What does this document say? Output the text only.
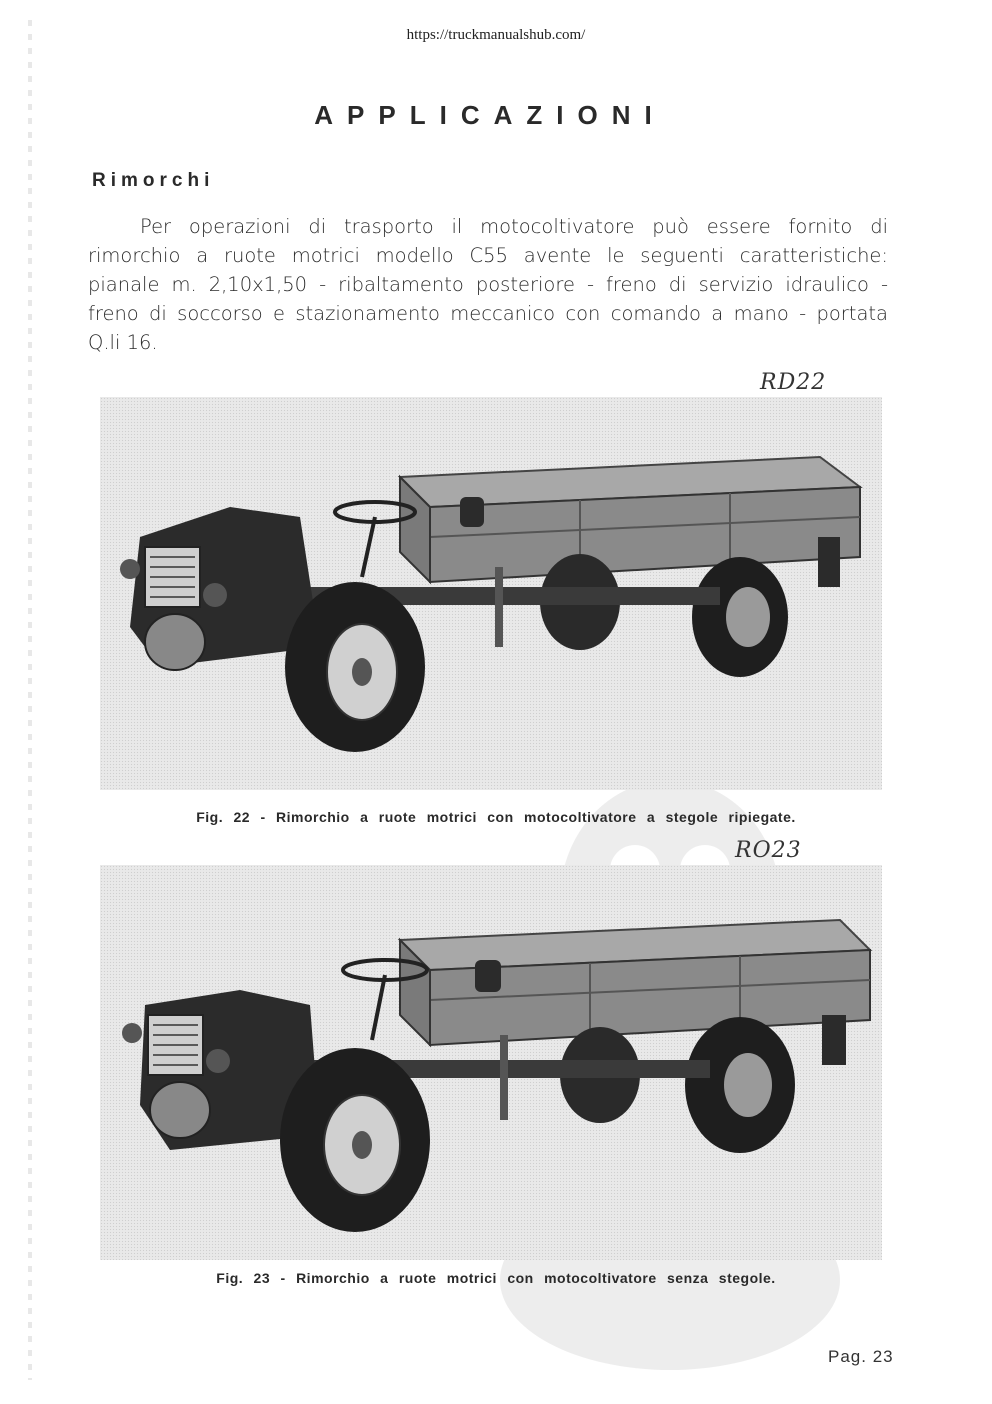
https://truckmanualshub.com/
APPLICAZIONI
Rimorchi
Per operazioni di trasporto il motocoltivatore può essere fornito di
rimorchio a ruote motrici modello C55 avente le seguenti caratteristiche:
pianale m. 2,10x1,50 - ribaltamento posteriore - freno di servizio idraulico -
freno di soccorso e stazionamento meccanico con comando a mano - portata
Q.li 16.
RD22
Fig. 22 - Rimorchio a ruote motrici con motocoltivatore a stegole ripiegate.
RO23
Fig. 23 - Rimorchio a ruote motrici con motocoltivatore senza stegole.
Pag. 23
